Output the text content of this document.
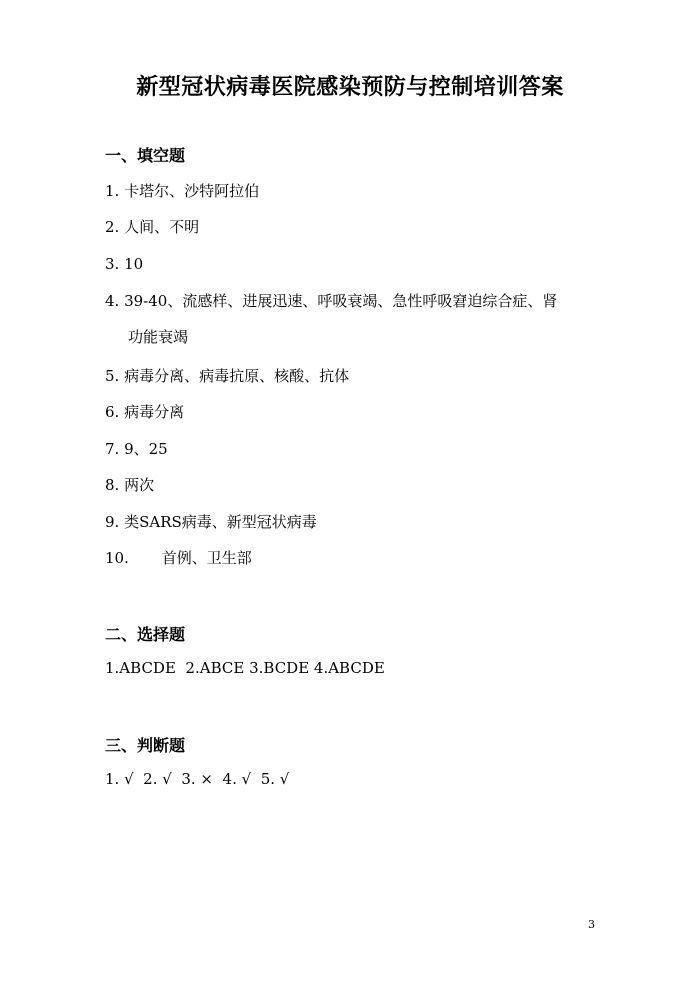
新型冠状病毒医院感染预防与控制培训答案
一、填空题
1. 卡塔尔、沙特阿拉伯
2. 人间、不明
3. 10
4. 39-40、流感样、进展迅速、呼吸衰竭、急性呼吸窘迫综合症、肾
功能衰竭
5. 病毒分离、病毒抗原、核酸、抗体
6. 病毒分离
7. 9、25
8. 两次
9. 类SARS病毒、新型冠状病毒
10. 首例、卫生部
二、选择题
1.ABCDE  2.ABCE 3.BCDE 4.ABCDE
三、判断题
1. √  2. √  3. ×  4. √  5. √
3
